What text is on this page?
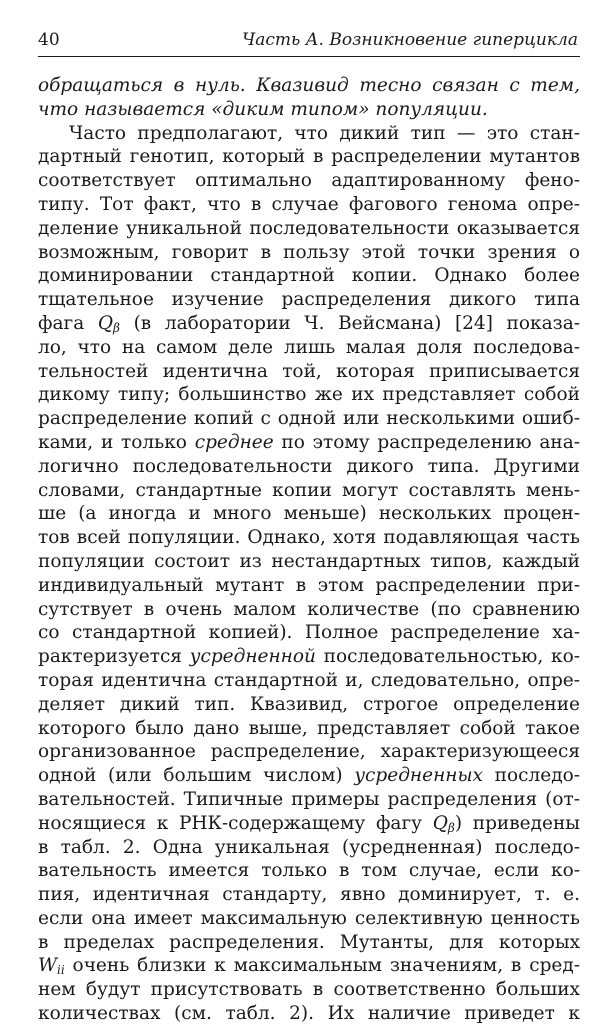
40	Часть А. Возникновение гиперцикла
обращаться в нуль. Квазивид тесно связан с тем,
что называется «диким типом» популяции.
Часто предполагают, что дикий тип — это стан-
дартный генотип, который в распределении мутантов
соответствует оптимально адаптированному фено-
типу. Тот факт, что в случае фагового генома опре-
деление уникальной последовательности оказывается
возможным, говорит в пользу этой точки зрения о
доминировании стандартной копии. Однако более
тщательное изучение распределения дикого типа
фага $Q_\beta$ (в лаборатории Ч. Вейсмана) [24] показа-
ло, что на самом деле лишь малая доля последова-
тельностей идентична той, которая приписывается
дикому типу; большинство же их представляет собой
распределение копий с одной или несколькими ошиб-
ками, и только среднее по этому распределению ана-
логично последовательности дикого типа. Другими
словами, стандартные копии могут составлять мень-
ше (а иногда и много меньше) нескольких процен-
тов всей популяции. Однако, хотя подавляющая часть
популяции состоит из нестандартных типов, каждый
индивидуальный мутант в этом распределении при-
сутствует в очень малом количестве (по сравнению
со стандартной копией). Полное распределение ха-
рактеризуется усредненной последовательностью, ко-
торая идентична стандартной и, следовательно, опре-
деляет дикий тип. Квазивид, строгое определение
которого было дано выше, представляет собой такое
организованное распределение, характеризующееся
одной (или большим числом) усредненных последо-
вательностей. Типичные примеры распределения (от-
носящиеся к РНК-содержащему фагу $Q_\beta$) приведены
в табл. 2. Одна уникальная (усредненная) последо-
вательность имеется только в том случае, если ко-
пия, идентичная стандарту, явно доминирует, т. е.
если она имеет максимальную селективную ценность
в пределах распределения. Мутанты, для которых
$W_{ii}$ очень близки к максимальным значениям, в сред-
нем будут присутствовать в соответственно больших
количествах (см. табл. 2). Их наличие приведет к
